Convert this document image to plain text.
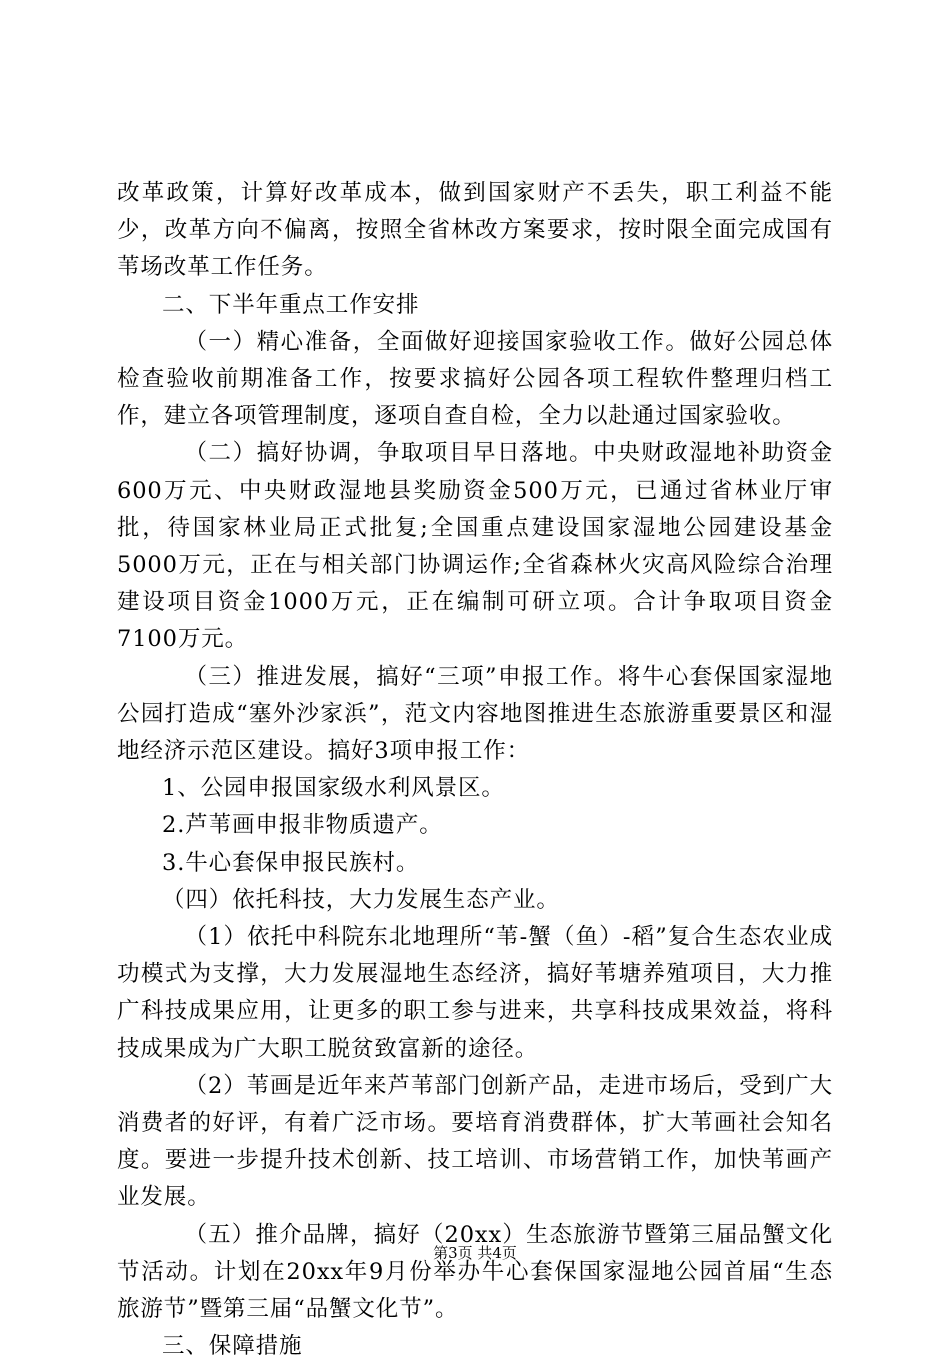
改革政策，计算好改革成本，做到国家财产不丢失，职工利益不能少，改革方向不偏离，按照全省林改方案要求，按时限全面完成国有苇场改革工作任务。

二、下半年重点工作安排

（一）精心准备，全面做好迎接国家验收工作。做好公园总体检查验收前期准备工作，按要求搞好公园各项工程软件整理归档工作，建立各项管理制度，逐项自查自检，全力以赴通过国家验收。

（二）搞好协调，争取项目早日落地。中央财政湿地补助资金600万元、中央财政湿地县奖励资金500万元，已通过省林业厅审批，待国家林业局正式批复;全国重点建设国家湿地公园建设基金5000万元，正在与相关部门协调运作;全省森林火灾高风险综合治理建设项目资金1000万元，正在编制可研立项。合计争取项目资金7100万元。

（三）推进发展，搞好“三项”申报工作。将牛心套保国家湿地公园打造成“塞外沙家浜”，范文内容地图推进生态旅游重要景区和湿地经济示范区建设。搞好3项申报工作：

1、公园申报国家级水利风景区。

2.芦苇画申报非物质遗产。

3.牛心套保申报民族村。

（四）依托科技，大力发展生态产业。

（1）依托中科院东北地理所“苇-蟹（鱼）-稻”复合生态农业成功模式为支撑，大力发展湿地生态经济，搞好苇塘养殖项目，大力推广科技成果应用，让更多的职工参与进来，共享科技成果效益，将科技成果成为广大职工脱贫致富新的途径。

（2）苇画是近年来芦苇部门创新产品，走进市场后，受到广大消费者的好评，有着广泛市场。要培育消费群体，扩大苇画社会知名度。要进一步提升技术创新、技工培训、市场营销工作，加快苇画产业发展。

（五）推介品牌，搞好（20xx）生态旅游节暨第三届品蟹文化节活动。计划在20xx年9月份举办牛心套保国家湿地公园首届“生态旅游节”暨第三届“品蟹文化节”。

三、保障措施

第3页 共4页
